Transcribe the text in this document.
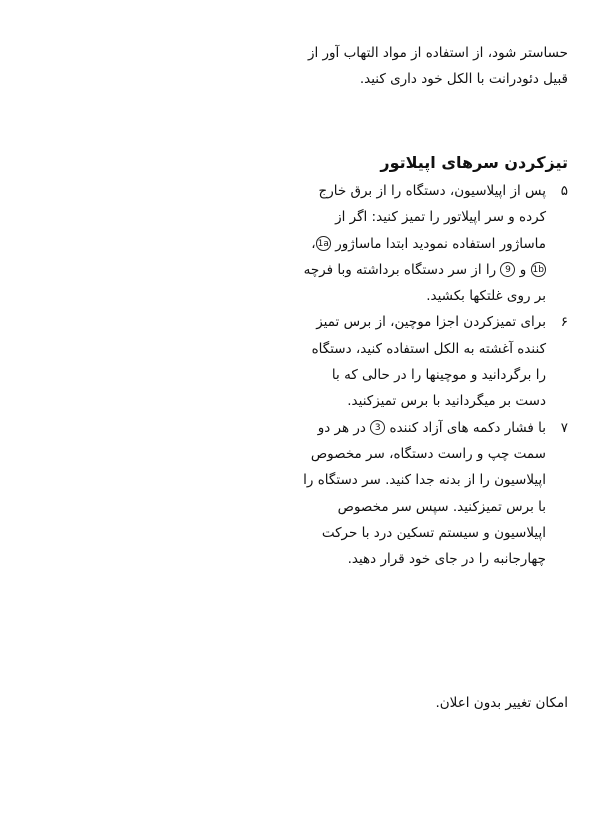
حساستر شود، از استفاده از مواد التهاب آور از قبیل دئودرانت با الکل خود داری کنید.
تیزکردن سرهای اپیلاتور
۵
پس از اپیلاسیون، دستگاه را از برق خارج کرده و سر اپیلاتور را تمیز کنید: اگر از ماساژور استفاده نمودید ابتدا ماساژور 1a، 1b و 9 را از سر دستگاه برداشته وبا فرچه بر روی غلتکها بکشید.
۶
برای تمیزکردن اجزا موچین، از برس تمیز کننده آغشته به الکل استفاده کنید، دستگاه را برگردانید و موچینها را در حالی که با دست بر میگردانید با برس تمیزکنید.
۷
با فشار دکمه های آزاد کننده 3 در هر دو سمت چپ و راست دستگاه، سر مخصوص اپیلاسیون را از بدنه جدا کنید. سر دستگاه را با برس تمیزکنید. سپس سر مخصوص اپیلاسیون و سیستم تسکین درد با حرکت چهارجانبه را در جای خود قرار دهید.
امکان تغییر بدون اعلان.
